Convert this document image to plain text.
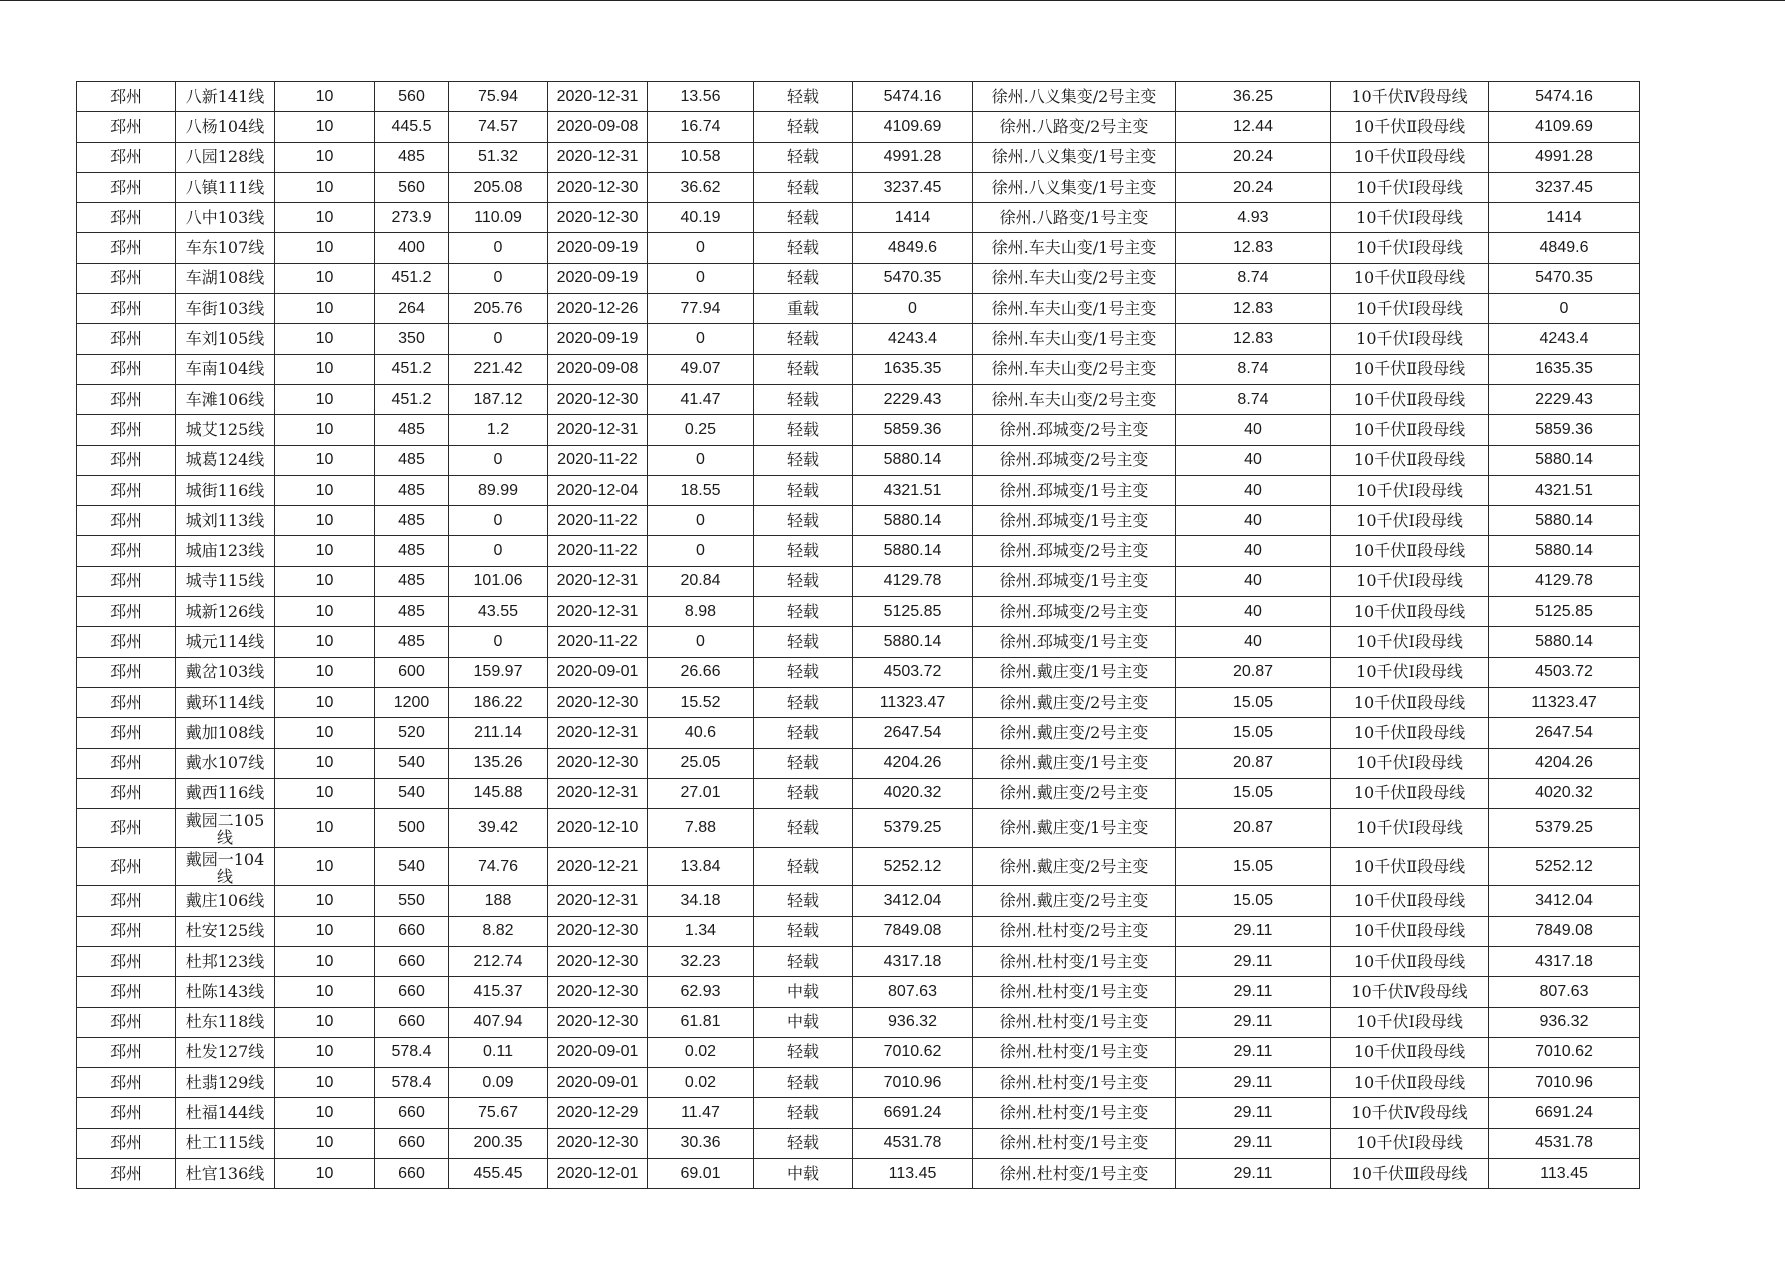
邳州	八新141线	10	560	75.94	2020-12-31	13.56	轻载	5474.16	徐州.八义集变/2号主变	36.25	10千伏Ⅳ段母线	5474.16
邳州	八杨104线	10	445.5	74.57	2020-09-08	16.74	轻载	4109.69	徐州.八路变/2号主变	12.44	10千伏Ⅱ段母线	4109.69
邳州	八园128线	10	485	51.32	2020-12-31	10.58	轻载	4991.28	徐州.八义集变/1号主变	20.24	10千伏Ⅱ段母线	4991.28
邳州	八镇111线	10	560	205.08	2020-12-30	36.62	轻载	3237.45	徐州.八义集变/1号主变	20.24	10千伏Ⅰ段母线	3237.45
邳州	八中103线	10	273.9	110.09	2020-12-30	40.19	轻载	1414	徐州.八路变/1号主变	4.93	10千伏Ⅰ段母线	1414
邳州	车东107线	10	400	0	2020-09-19	0	轻载	4849.6	徐州.车夫山变/1号主变	12.83	10千伏Ⅰ段母线	4849.6
邳州	车湖108线	10	451.2	0	2020-09-19	0	轻载	5470.35	徐州.车夫山变/2号主变	8.74	10千伏Ⅱ段母线	5470.35
邳州	车街103线	10	264	205.76	2020-12-26	77.94	重载	0	徐州.车夫山变/1号主变	12.83	10千伏Ⅰ段母线	0
邳州	车刘105线	10	350	0	2020-09-19	0	轻载	4243.4	徐州.车夫山变/1号主变	12.83	10千伏Ⅰ段母线	4243.4
邳州	车南104线	10	451.2	221.42	2020-09-08	49.07	轻载	1635.35	徐州.车夫山变/2号主变	8.74	10千伏Ⅱ段母线	1635.35
邳州	车滩106线	10	451.2	187.12	2020-12-30	41.47	轻载	2229.43	徐州.车夫山变/2号主变	8.74	10千伏Ⅱ段母线	2229.43
邳州	城艾125线	10	485	1.2	2020-12-31	0.25	轻载	5859.36	徐州.邳城变/2号主变	40	10千伏Ⅱ段母线	5859.36
邳州	城葛124线	10	485	0	2020-11-22	0	轻载	5880.14	徐州.邳城变/2号主变	40	10千伏Ⅱ段母线	5880.14
邳州	城街116线	10	485	89.99	2020-12-04	18.55	轻载	4321.51	徐州.邳城变/1号主变	40	10千伏Ⅰ段母线	4321.51
邳州	城刘113线	10	485	0	2020-11-22	0	轻载	5880.14	徐州.邳城变/1号主变	40	10千伏Ⅰ段母线	5880.14
邳州	城庙123线	10	485	0	2020-11-22	0	轻载	5880.14	徐州.邳城变/2号主变	40	10千伏Ⅱ段母线	5880.14
邳州	城寺115线	10	485	101.06	2020-12-31	20.84	轻载	4129.78	徐州.邳城变/1号主变	40	10千伏Ⅰ段母线	4129.78
邳州	城新126线	10	485	43.55	2020-12-31	8.98	轻载	5125.85	徐州.邳城变/2号主变	40	10千伏Ⅱ段母线	5125.85
邳州	城元114线	10	485	0	2020-11-22	0	轻载	5880.14	徐州.邳城变/1号主变	40	10千伏Ⅰ段母线	5880.14
邳州	戴岔103线	10	600	159.97	2020-09-01	26.66	轻载	4503.72	徐州.戴庄变/1号主变	20.87	10千伏Ⅰ段母线	4503.72
邳州	戴环114线	10	1200	186.22	2020-12-30	15.52	轻载	11323.47	徐州.戴庄变/2号主变	15.05	10千伏Ⅱ段母线	11323.47
邳州	戴加108线	10	520	211.14	2020-12-31	40.6	轻载	2647.54	徐州.戴庄变/2号主变	15.05	10千伏Ⅱ段母线	2647.54
邳州	戴水107线	10	540	135.26	2020-12-30	25.05	轻载	4204.26	徐州.戴庄变/1号主变	20.87	10千伏Ⅰ段母线	4204.26
邳州	戴西116线	10	540	145.88	2020-12-31	27.01	轻载	4020.32	徐州.戴庄变/2号主变	15.05	10千伏Ⅱ段母线	4020.32
邳州	戴园二105线	10	500	39.42	2020-12-10	7.88	轻载	5379.25	徐州.戴庄变/1号主变	20.87	10千伏Ⅰ段母线	5379.25
邳州	戴园一104线	10	540	74.76	2020-12-21	13.84	轻载	5252.12	徐州.戴庄变/2号主变	15.05	10千伏Ⅱ段母线	5252.12
邳州	戴庄106线	10	550	188	2020-12-31	34.18	轻载	3412.04	徐州.戴庄变/2号主变	15.05	10千伏Ⅱ段母线	3412.04
邳州	杜安125线	10	660	8.82	2020-12-30	1.34	轻载	7849.08	徐州.杜村变/2号主变	29.11	10千伏Ⅱ段母线	7849.08
邳州	杜邦123线	10	660	212.74	2020-12-30	32.23	轻载	4317.18	徐州.杜村变/1号主变	29.11	10千伏Ⅱ段母线	4317.18
邳州	杜陈143线	10	660	415.37	2020-12-30	62.93	中载	807.63	徐州.杜村变/1号主变	29.11	10千伏Ⅳ段母线	807.63
邳州	杜东118线	10	660	407.94	2020-12-30	61.81	中载	936.32	徐州.杜村变/1号主变	29.11	10千伏Ⅰ段母线	936.32
邳州	杜发127线	10	578.4	0.11	2020-09-01	0.02	轻载	7010.62	徐州.杜村变/1号主变	29.11	10千伏Ⅱ段母线	7010.62
邳州	杜翡129线	10	578.4	0.09	2020-09-01	0.02	轻载	7010.96	徐州.杜村变/1号主变	29.11	10千伏Ⅱ段母线	7010.96
邳州	杜福144线	10	660	75.67	2020-12-29	11.47	轻载	6691.24	徐州.杜村变/1号主变	29.11	10千伏Ⅳ段母线	6691.24
邳州	杜工115线	10	660	200.35	2020-12-30	30.36	轻载	4531.78	徐州.杜村变/1号主变	29.11	10千伏Ⅰ段母线	4531.78
邳州	杜官136线	10	660	455.45	2020-12-01	69.01	中载	113.45	徐州.杜村变/1号主变	29.11	10千伏Ⅲ段母线	113.45
